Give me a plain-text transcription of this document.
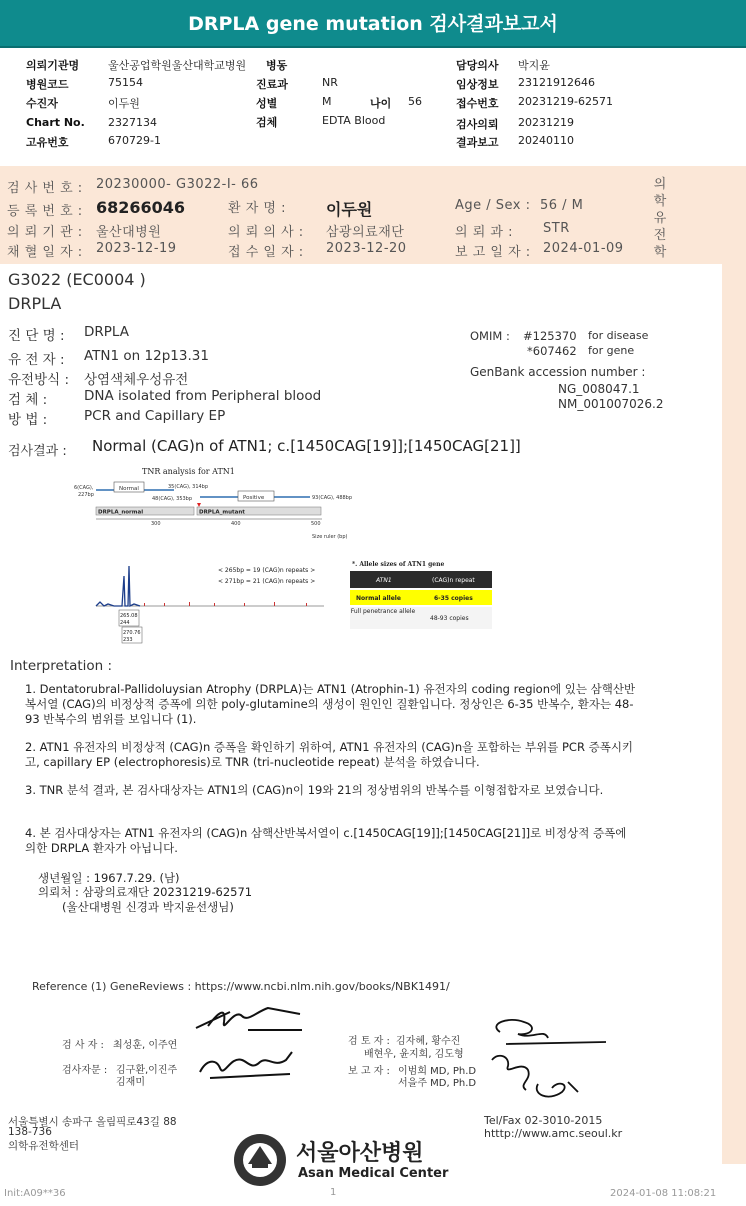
DRPLA gene mutation 검사결과보고서
의뢰기관명	울산공업학원울산대학교병원 병동	담당의사 박지윤
병원코드	75154	진료과	NR	임상정보 23121912646
수진자	이두원	성별	M	나이 56	접수번호 20231219-62571
Chart No. 2327134	검체	EDTA Blood	검사의뢰 20231219
고유번호	670729-1	결과보고 20240110
검 사 번 호 : 20230000- G3022-I- 66
등 록 번 호 : 68266046	환 자 명 :	이두원	Age / Sex : 56 / M
의 뢰 기 관 : 울산대병원	의 뢰 의 사 : 삼광의료재단	의 뢰 과 : STR
채 혈 일 자 : 2023-12-19	접 수 일 자 : 2023-12-20	보 고 일 자 : 2024-01-09
의
학
유
전
학
G3022 (EC0004 )
DRPLA
진 단 명 : DRPLA
유 전 자 : ATN1 on 12p13.31
유전방식 : 상염색체우성유전
검 체 :	DNA isolated from Peripheral blood
방 법 :	PCR and Capillary EP
OMIM : #125370 for disease
*607462 for gene
GenBank accession number :
NG_008047.1
NM_001007026.2
검사결과 : Normal (CAG)n of ATN1; c.[1450CAG[19]];[1450CAG[21]]
TNR analysis for ATN1
6(CAG),
227bp
Normal	35(CAG), 314bp
48(CAG), 353bp	Positive	93(CAG), 488bp
DRPLA_normal	DRPLA_mutant
300	400	500
Size ruler (bp)
< 265bp = 19 (CAG)n repeats >
< 271bp = 21 (CAG)n repeats >
265.08
244
270.76
233
*. Allele sizes of ATN1 gene
ATN1	(CAG)n repeat
Normal allele	6-35 copies
Full penetrance allele
48-93 copies
Interpretation :

1. Dentatorubral-Pallidoluysian Atrophy (DRPLA)는 ATN1 (Atrophin-1) 유전자의 coding region에 있는 삼핵산반복서열 (CAG)의 비정상적 증폭에 의한 poly-glutamine의 생성이 원인인 질환입니다. 정상인은 6-35 반복수, 환자는 48-93 반복수의 범위를 보입니다 (1).

2. ATN1 유전자의 비정상적 (CAG)n 증폭을 확인하기 위하여, ATN1 유전자의 (CAG)n을 포함하는 부위를 PCR 증폭시키고, capillary EP (electrophoresis)로 TNR (tri-nucleotide repeat) 분석을 하였습니다.

3. TNR 분석 결과, 본 검사대상자는 ATN1의 (CAG)n이 19와 21의 정상범위의 반복수를 이형접합자로 보였습니다.

4. 본 검사대상자는 ATN1 유전자의 (CAG)n 삼핵산반복서열이 c.[1450CAG[19]];[1450CAG[21]]로 비정상적 증폭에 의한 DRPLA 환자가 아닙니다.

생년월일 : 1967.7.29. (남)

의뢰처 : 삼광의료재단 20231219-62571

(울산대병원 신경과 박지윤선생님)

Reference (1) GeneReviews : https://www.ncbi.nlm.nih.gov/books/NBK1491/
검 사 자 : 최성훈, 이주연
검사자문 : 김구환,이진주
김재미
검 토 자 : 김자혜, 황수진
배현우, 윤지희, 김도형
보 고 자 : 이범희 MD, Ph.D
서을주 MD, Ph.D
서울특별시 송파구 올림픽로43길 88
138-736
의학유전학센터
Tel/Fax 02-3010-2015
htttp://www.amc.seoul.kr
서울아산병원
Asan Medical Center
1
Init:A09**36	2024-01-08 11:08:21
